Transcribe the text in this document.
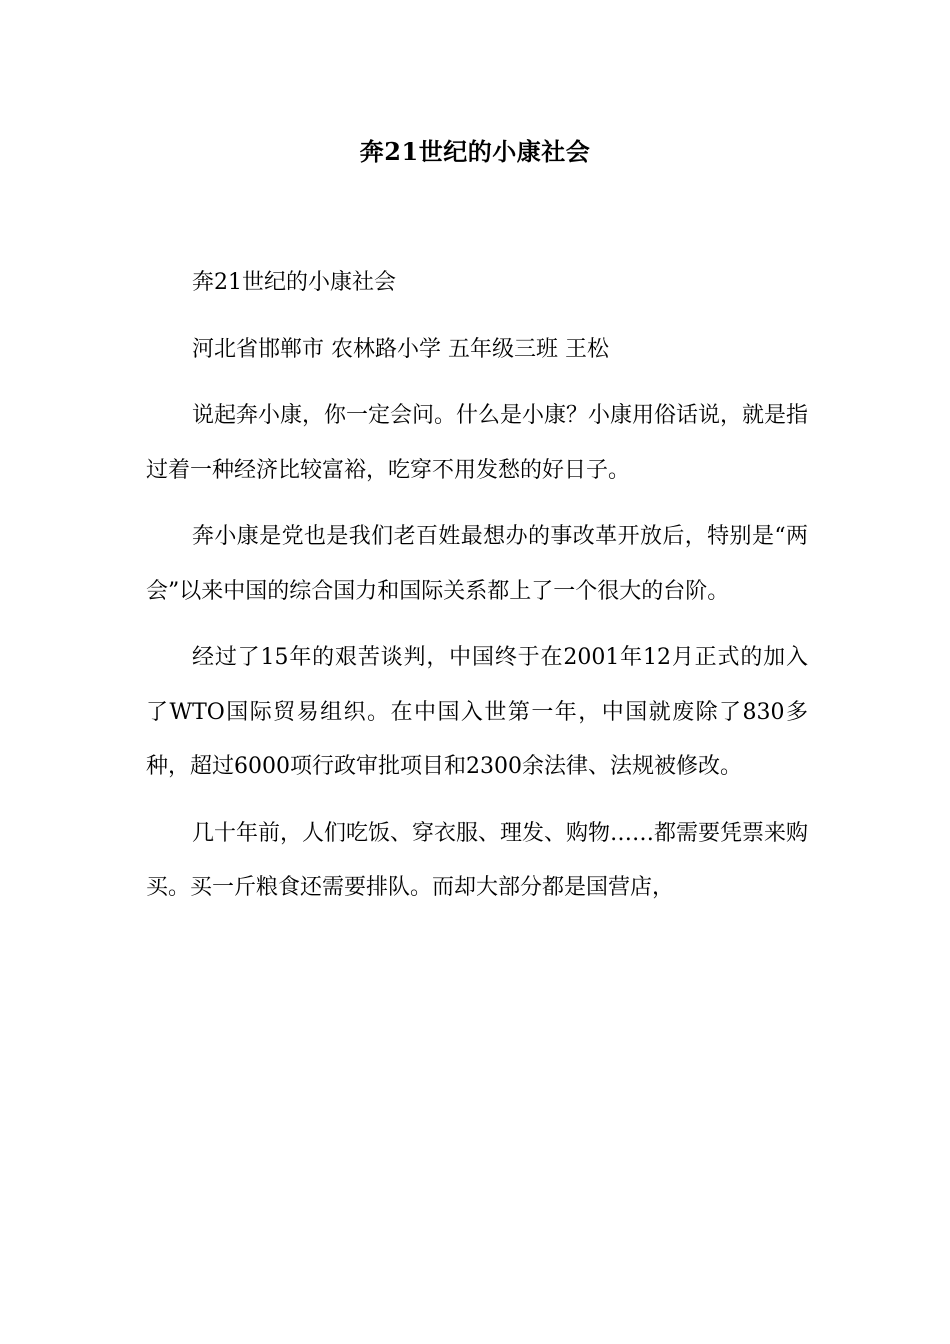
奔21世纪的小康社会

奔21世纪的小康社会

河北省邯郸市 农林路小学 五年级三班 王松

说起奔小康，你一定会问。什么是小康？小康用俗话说，就是指过着一种经济比较富裕，吃穿不用发愁的好日子。

奔小康是党也是我们老百姓最想办的事改革开放后，特别是“两会”以来中国的综合国力和国际关系都上了一个很大的台阶。

经过了15年的艰苦谈判，中国终于在2001年12月正式的加入了WTO国际贸易组织。在中国入世第一年，中国就废除了830多种，超过6000项行政审批项目和2300余法律、法规被修改。

几十年前，人们吃饭、穿衣服、理发、购物……都需要凭票来购买。买一斤粮食还需要排队。而却大部分都是国营店，
